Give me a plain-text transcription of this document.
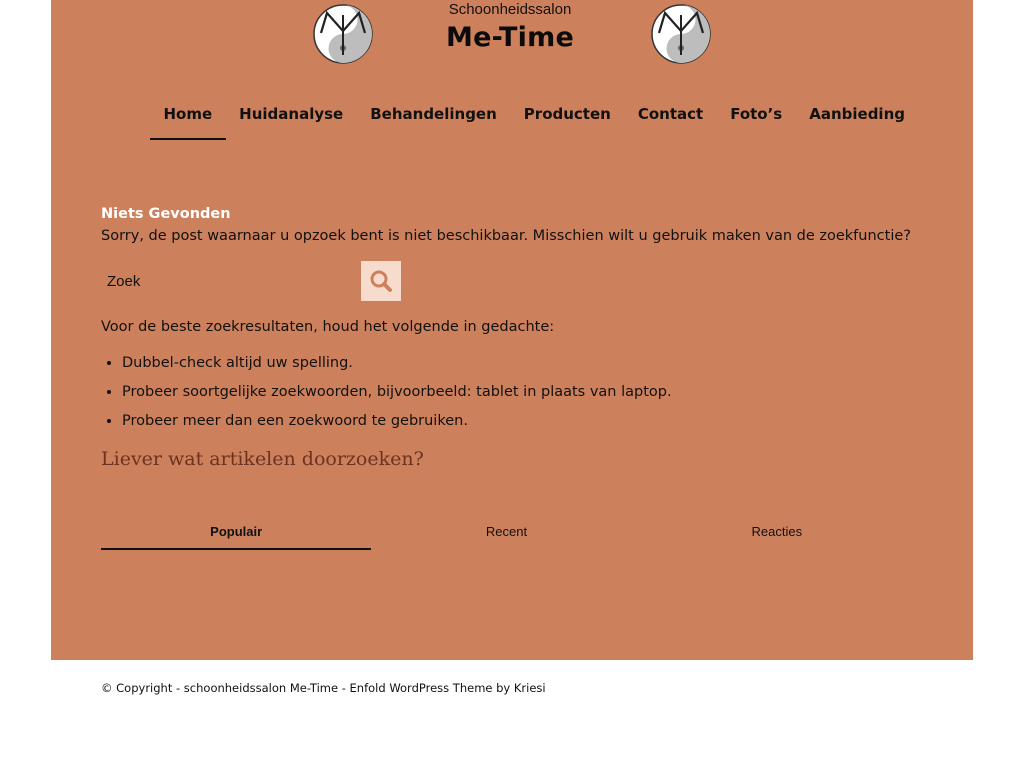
Schoonheidssalon
Me-Time
Home	Huidanalyse	Behandelingen	Producten	Contact	Foto’s	Aanbieding
Niets Gevonden

Sorry, de post waarnaar u opzoek bent is niet beschikbaar. Misschien wilt u gebruik maken van de zoekfunctie?

Zoek

Voor de beste zoekresultaten, houd het volgende in gedachte:

• Dubbel-check altijd uw spelling.
• Probeer soortgelijke zoekwoorden, bijvoorbeeld: tablet in plaats van laptop.
• Probeer meer dan een zoekwoord te gebruiken.
Liever wat artikelen doorzoeken?
Populair	Recent	Reacties
© Copyright - schoonheidssalon Me-Time - Enfold WordPress Theme by Kriesi
